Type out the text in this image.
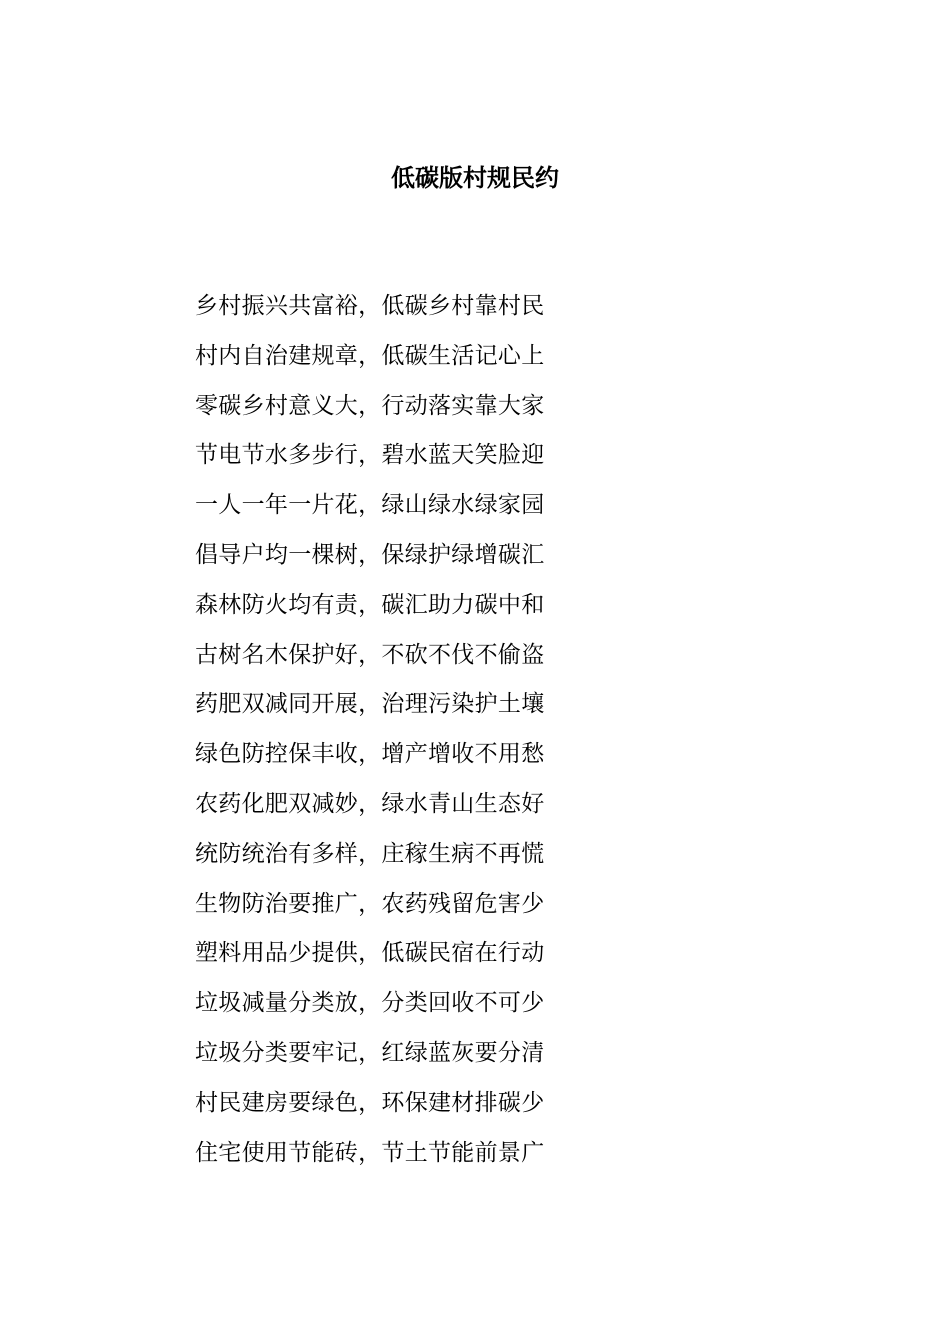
低碳版村规民约
乡村振兴共富裕，低碳乡村靠村民
村内自治建规章，低碳生活记心上
零碳乡村意义大，行动落实靠大家
节电节水多步行，碧水蓝天笑脸迎
一人一年一片花，绿山绿水绿家园
倡导户均一棵树，保绿护绿增碳汇
森林防火均有责，碳汇助力碳中和
古树名木保护好，不砍不伐不偷盗
药肥双减同开展，治理污染护土壤
绿色防控保丰收，增产增收不用愁
农药化肥双减妙，绿水青山生态好
统防统治有多样，庄稼生病不再慌
生物防治要推广，农药残留危害少
塑料用品少提供，低碳民宿在行动
垃圾减量分类放，分类回收不可少
垃圾分类要牢记，红绿蓝灰要分清
村民建房要绿色，环保建材排碳少
住宅使用节能砖，节土节能前景广
